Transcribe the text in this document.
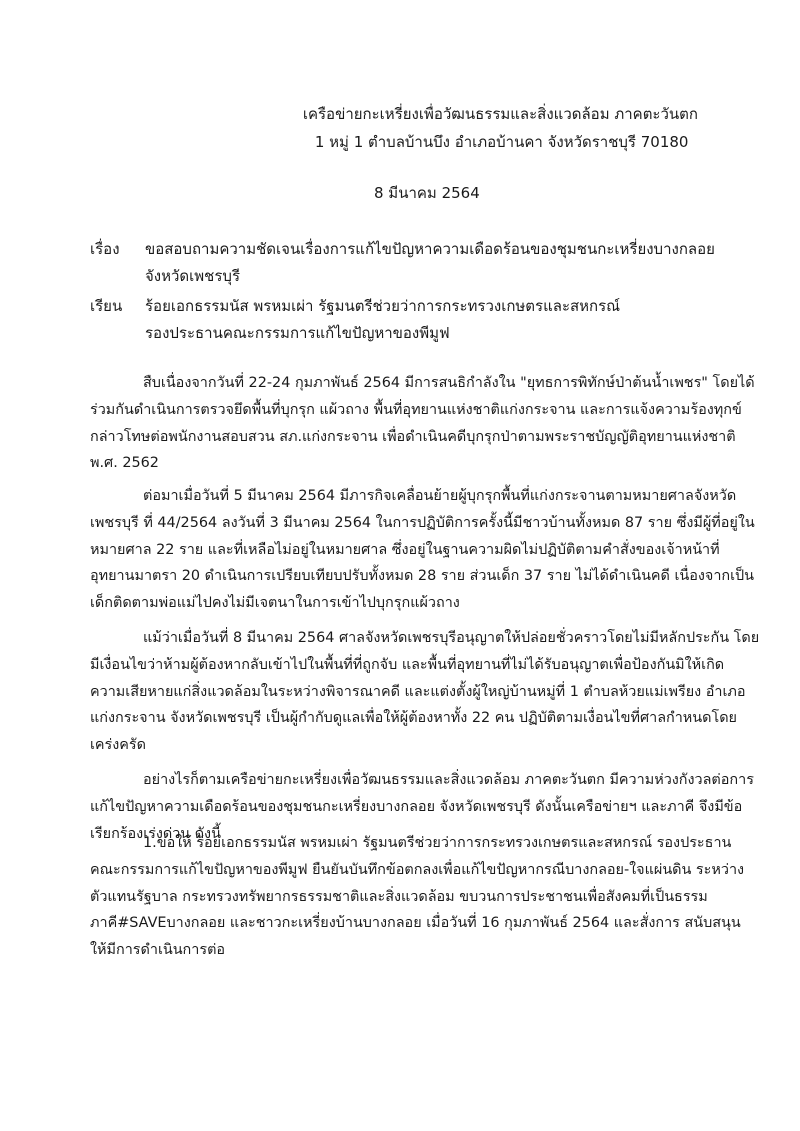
เครือข่ายกะเหรี่ยงเพื่อวัฒนธรรมและสิ่งแวดล้อม ภาคตะวันตก
1 หมู่ 1 ตำบลบ้านบึง อำเภอบ้านคา จังหวัดราชบุรี 70180
8 มีนาคม 2564
เรื่อง	ขอสอบถามความชัดเจนเรื่องการแก้ไขปัญหาความเดือดร้อนของชุมชนกะเหรี่ยงบางกลอย
จังหวัดเพชรบุรี
เรียน	ร้อยเอกธรรมนัส พรหมเผ่า รัฐมนตรีช่วยว่าการกระทรวงเกษตรและสหกรณ์
รองประธานคณะกรรมการแก้ไขปัญหาของพีมูฟ
สืบเนื่องจากวันที่ 22-24 กุมภาพันธ์ 2564 มีการสนธิกำลังใน "ยุทธการพิทักษ์ป่าต้นน้ำเพชร" โดยได้
ร่วมกันดำเนินการตรวจยึดพื้นที่บุกรุก แผ้วถาง พื้นที่อุทยานแห่งชาติแก่งกระจาน และการแจ้งความร้องทุกข์
กล่าวโทษต่อพนักงานสอบสวน สภ.แก่งกระจาน เพื่อดำเนินคดีบุกรุกป่าตามพระราชบัญญัติอุทยานแห่งชาติ
พ.ศ. 2562
ต่อมาเมื่อวันที่ 5 มีนาคม 2564 มีภารกิจเคลื่อนย้ายผู้บุกรุกพื้นที่แก่งกระจานตามหมายศาลจังหวัด
เพชรบุรี ที่ 44/2564 ลงวันที่ 3 มีนาคม 2564 ในการปฏิบัติการครั้งนี้มีชาวบ้านทั้งหมด 87 ราย ซึ่งมีผู้ที่อยู่ใน
หมายศาล 22 ราย และที่เหลือไม่อยู่ในหมายศาล ซึ่งอยู่ในฐานความผิดไม่ปฏิบัติตามคำสั่งของเจ้าหน้าที่
อุทยานมาตรา 20 ดำเนินการเปรียบเทียบปรับทั้งหมด 28 ราย ส่วนเด็ก 37 ราย ไม่ได้ดำเนินคดี เนื่องจากเป็น
เด็กติดตามพ่อแม่ไปคงไม่มีเจตนาในการเข้าไปบุกรุกแผ้วถาง
แม้ว่าเมื่อวันที่ 8 มีนาคม 2564 ศาลจังหวัดเพชรบุรีอนุญาตให้ปล่อยชั่วคราวโดยไม่มีหลักประกัน โดย
มีเงื่อนไขว่าห้ามผู้ต้องหากลับเข้าไปในพื้นที่ที่ถูกจับ และพื้นที่อุทยานที่ไม่ได้รับอนุญาตเพื่อป้องกันมิให้เกิด
ความเสียหายแก่สิ่งแวดล้อมในระหว่างพิจารณาคดี และแต่งตั้งผู้ใหญ่บ้านหมู่ที่ 1 ตำบลห้วยแม่เพรียง อำเภอ
แก่งกระจาน จังหวัดเพชรบุรี เป็นผู้กำกับดูแลเพื่อให้ผู้ต้องหาทั้ง 22 คน ปฏิบัติตามเงื่อนไขที่ศาลกำหนดโดย
เคร่งครัด
อย่างไรก็ตามเครือข่ายกะเหรี่ยงเพื่อวัฒนธรรมและสิ่งแวดล้อม ภาคตะวันตก มีความห่วงกังวลต่อการ
แก้ไขปัญหาความเดือดร้อนของชุมชนกะเหรี่ยงบางกลอย จังหวัดเพชรบุรี ดังนั้นเครือข่ายฯ และภาคี จึงมีข้อ
เรียกร้องเร่งด่วน ดังนี้
1.ขอให้ ร้อยเอกธรรมนัส พรหมเผ่า รัฐมนตรีช่วยว่าการกระทรวงเกษตรและสหกรณ์ รองประธาน
คณะกรรมการแก้ไขปัญหาของพีมูฟ ยืนยันบันทึกข้อตกลงเพื่อแก้ไขปัญหากรณีบางกลอย-ใจแผ่นดิน ระหว่าง
ตัวแทนรัฐบาล กระทรวงทรัพยากรธรรมชาติและสิ่งแวดล้อม ขบวนการประชาชนเพื่อสังคมที่เป็นธรรม
ภาคี#SAVEบางกลอย และชาวกะเหรี่ยงบ้านบางกลอย เมื่อวันที่ 16 กุมภาพันธ์ 2564 และสั่งการ สนับสนุน
ให้มีการดำเนินการต่อ
